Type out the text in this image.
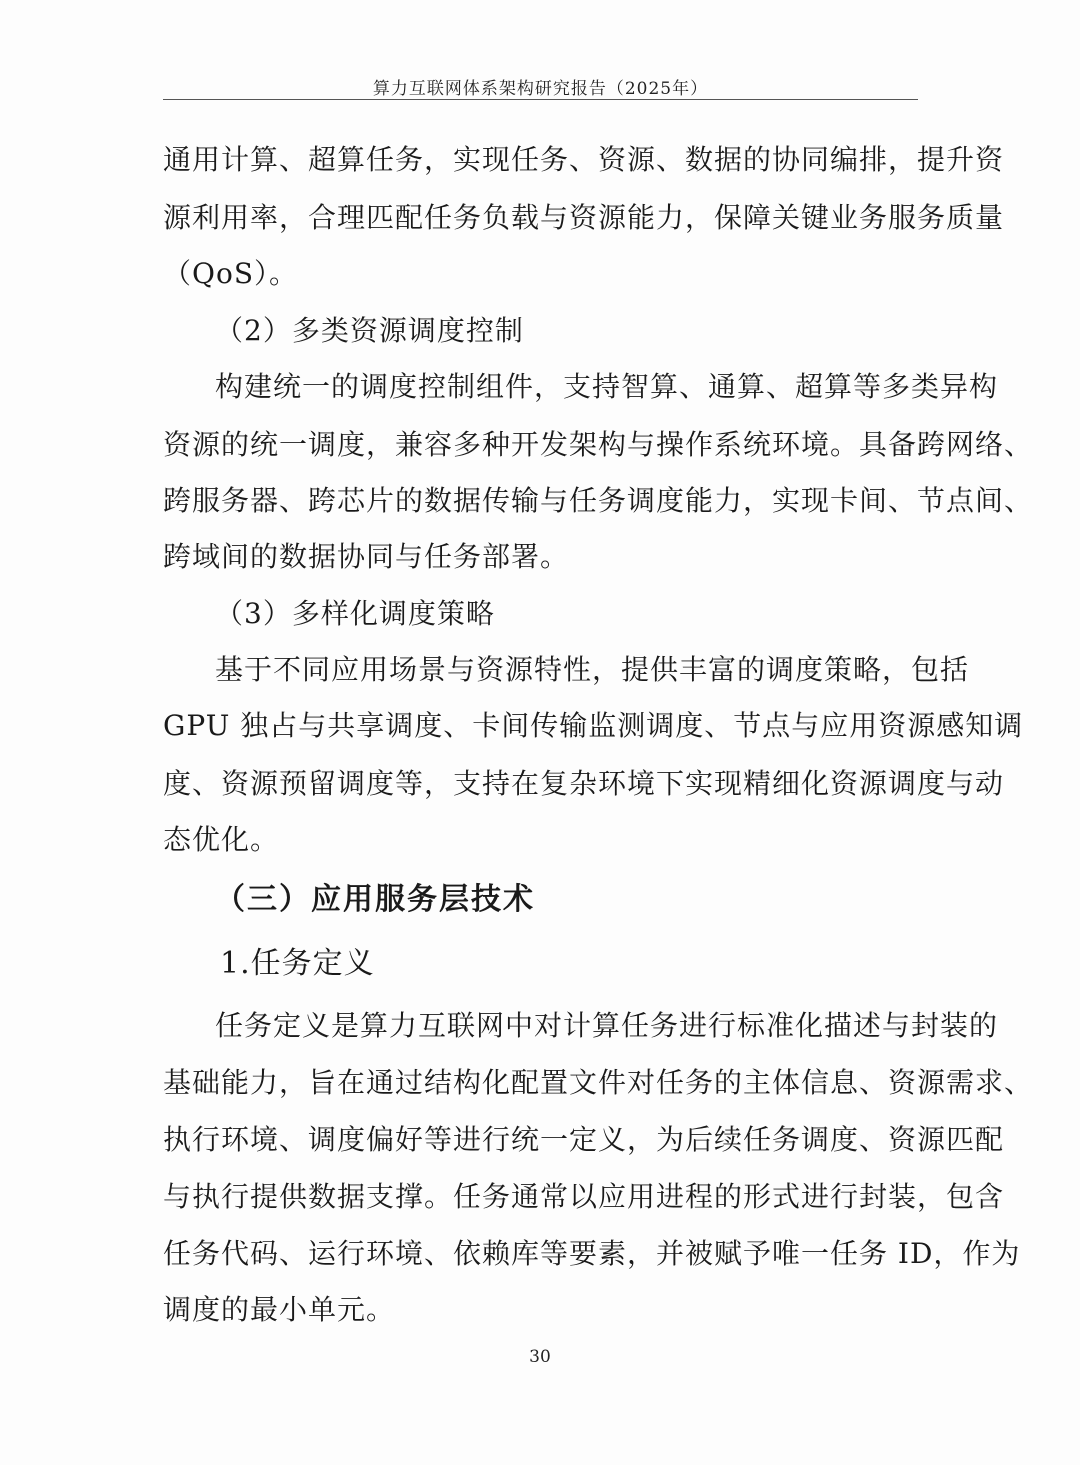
算力互联网体系架构研究报告（2025年）
通用计算、超算任务，实现任务、资源、数据的协同编排，提升资
源利用率，合理匹配任务负载与资源能力，保障关键业务服务质量
（QoS）。
（2）多类资源调度控制
构建统一的调度控制组件，支持智算、通算、超算等多类异构
资源的统一调度，兼容多种开发架构与操作系统环境。具备跨网络、
跨服务器、跨芯片的数据传输与任务调度能力，实现卡间、节点间、
跨域间的数据协同与任务部署。
（3）多样化调度策略
基于不同应用场景与资源特性，提供丰富的调度策略，包括
GPU 独占与共享调度、卡间传输监测调度、节点与应用资源感知调
度、资源预留调度等，支持在复杂环境下实现精细化资源调度与动
态优化。
（三）应用服务层技术
1.任务定义
任务定义是算力互联网中对计算任务进行标准化描述与封装的
基础能力，旨在通过结构化配置文件对任务的主体信息、资源需求、
执行环境、调度偏好等进行统一定义，为后续任务调度、资源匹配
与执行提供数据支撑。任务通常以应用进程的形式进行封装，包含
任务代码、运行环境、依赖库等要素，并被赋予唯一任务 ID，作为
调度的最小单元。
30
